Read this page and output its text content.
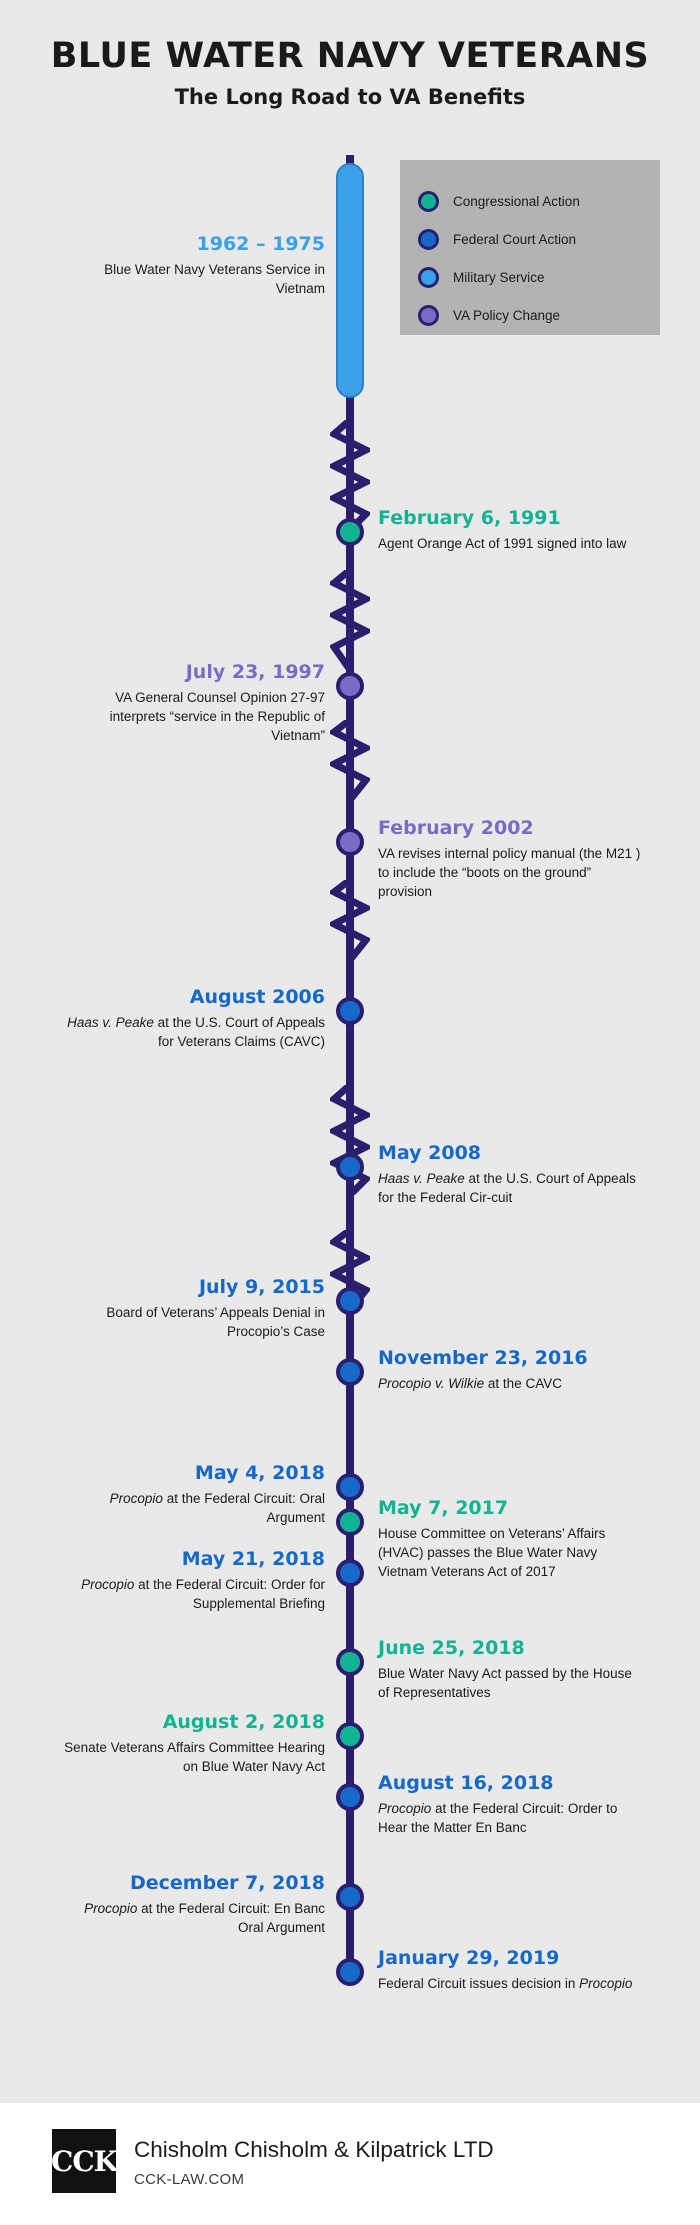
BLUE WATER NAVY VETERANS
The Long Road to VA Benefits
Congressional Action
Federal Court Action
Military Service
VA Policy Change
1962 – 1975
Blue Water Navy Veterans Service in Vietnam
February 6, 1991
Agent Orange Act of 1991 signed into law
July 23, 1997
VA General Counsel Opinion 27-97 interprets “service in the Republic of Vietnam”
February 2002
VA revises internal policy manual (the M21 ) to include the “boots on the ground” provision
August 2006
Haas v. Peake at the U.S. Court of Appeals for Veterans Claims (CAVC)
May 2008
Haas v. Peake at the U.S. Court of Appeals for the Federal Cir-cuit
July 9, 2015
Board of Veterans’ Appeals Denial in Procopio’s Case
November 23, 2016
Procopio v. Wilkie at the CAVC
May 4, 2018
Procopio at the Federal Circuit: Oral Argument	May 7, 2017
House Committee on Veterans’ Affairs (HVAC) passes the Blue Water Navy Vietnam Veterans Act of 2017
May 21, 2018
Procopio at the Federal Circuit: Order for Supplemental Briefing
June 25, 2018
Blue Water Navy Act passed by the House of Representatives
August 2, 2018
Senate Veterans Affairs Committee Hearing on Blue Water Navy Act
August 16, 2018
Procopio at the Federal Circuit: Order to Hear the Matter En Banc
December 7, 2018
Procopio at the Federal Circuit: En Banc Oral Argument
January 29, 2019
Federal Circuit issues decision in Procopio
CCK Chisholm Chisholm & Kilpatrick LTD
CCK-LAW.COM
